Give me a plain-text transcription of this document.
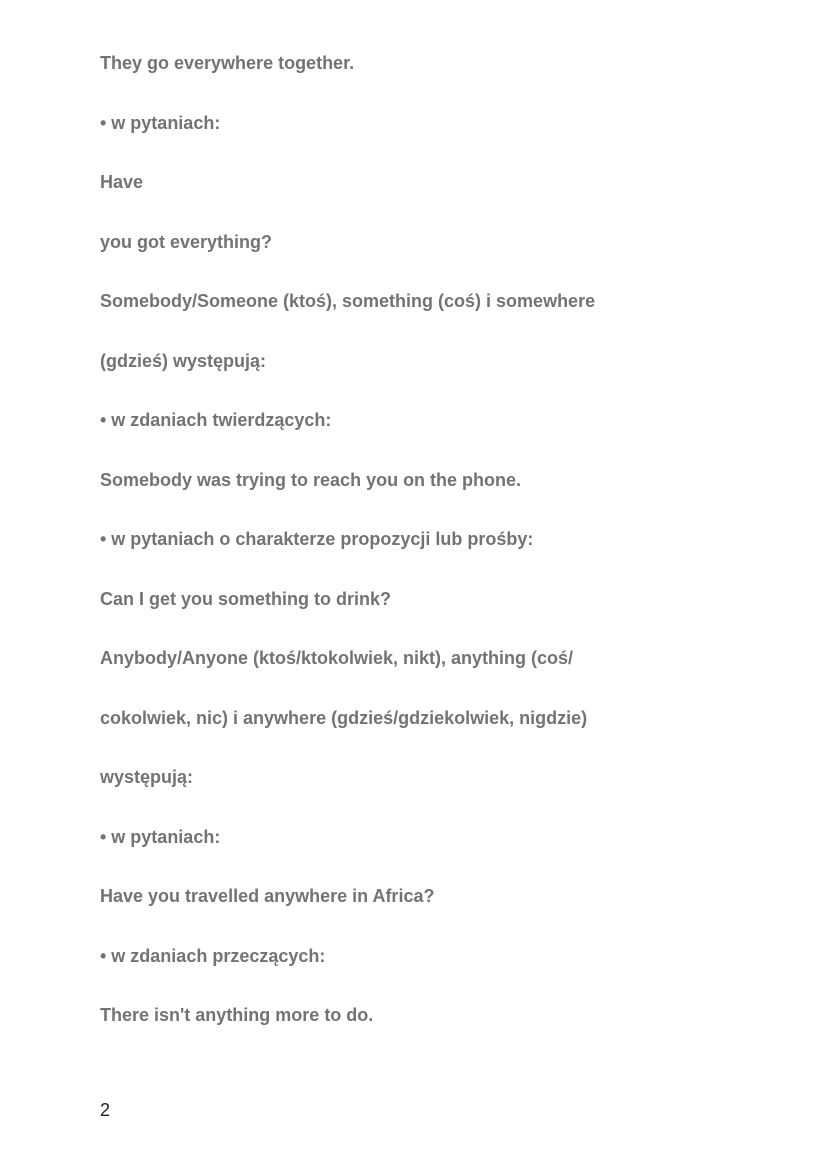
They go everywhere together.

• w pytaniach:

Have

you got everything?

Somebody/Someone (ktoś), something (coś) i somewhere

(gdzieś) występują:

• w zdaniach twierdzących:

Somebody was trying to reach you on the phone.

• w pytaniach o charakterze propozycji lub prośby:

Can I get you something to drink?

Anybody/Anyone (ktoś/ktokolwiek, nikt), anything (coś/

cokolwiek, nic) i anywhere (gdzieś/gdziekolwiek, nigdzie)

występują:

• w pytaniach:

Have you travelled anywhere in Africa?

• w zdaniach przeczących:

There isn't anything more to do.

2
